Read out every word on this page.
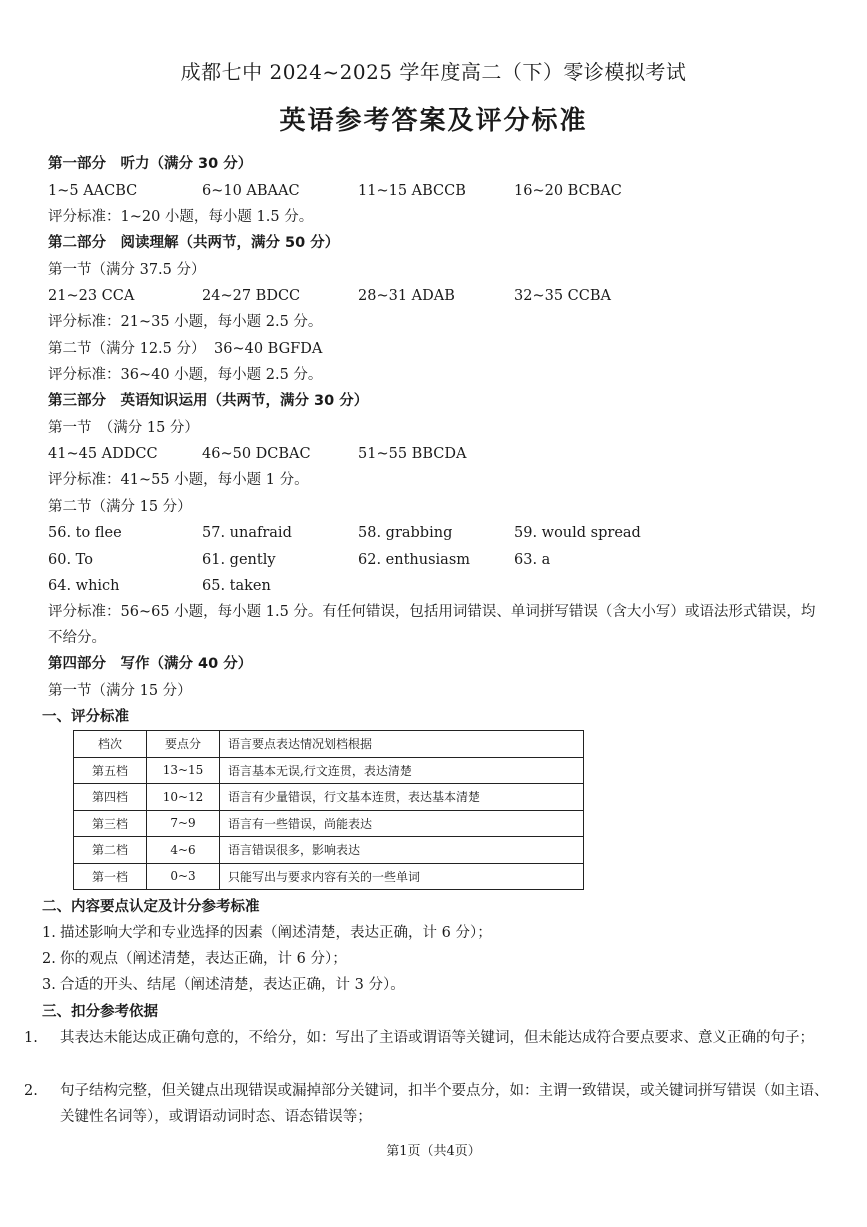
成都七中 2024~2025 学年度高二（下）零诊模拟考试
英语参考答案及评分标准
第一部分　听力（满分 30 分）
1~5 AACBC	6~10 ABAAC	11~15 ABCCB	16~20 BCBAC
评分标准：1~20 小题，每小题 1.5 分。
第二部分　阅读理解（共两节，满分 50 分）
第一节（满分 37.5 分）
21~23 CCA	24~27 BDCC	28~31 ADAB	32~35 CCBA
评分标准：21~35 小题，每小题 2.5 分。
第二节（满分 12.5 分） 36~40 BGFDA
评分标准：36~40 小题，每小题 2.5 分。
第三部分　英语知识运用（共两节，满分 30 分）
第一节　（满分 15 分）
41~45 ADDCC	46~50 DCBAC	51~55 BBCDA
评分标准：41~55 小题，每小题 1 分。
第二节（满分 15 分）
56. to flee	57. unafraid	58. grabbing	59. would spread
60. To	61. gently	62. enthusiasm	63. a
64. which	65. taken
评分标准：56~65 小题，每小题 1.5 分。有任何错误，包括用词错误、单词拼写错误（含大小写）或语法形式错误，均不给分。
第四部分　写作（满分 40 分）
第一节（满分 15 分）
一、评分标准
档次	要点分	语言要点表达情况划档根据
第五档	13~15	语言基本无误,行文连贯，表达清楚
第四档	10~12	语言有少量错误，行文基本连贯，表达基本清楚
第三档	7~9	语言有一些错误，尚能表达
第二档	4~6	语言错误很多，影响表达
第一档	0~3	只能写出与要求内容有关的一些单词
二、内容要点认定及计分参考标准
1. 描述影响大学和专业选择的因素（阐述清楚，表达正确，计 6 分）；
2. 你的观点（阐述清楚，表达正确，计 6 分）；
3. 合适的开头、结尾（阐述清楚，表达正确，计 3 分）。
三、扣分参考依据
1. 其表达未能达成正确句意的，不给分，如：写出了主语或谓语等关键词，但未能达成符合要点要求、意义正确的句子；
2. 句子结构完整，但关键点出现错误或漏掉部分关键词，扣半个要点分，如：主谓一致错误，或关键词拼写错误（如主语、关键性名词等），或谓语动词时态、语态错误等；
第1页（共4页）
